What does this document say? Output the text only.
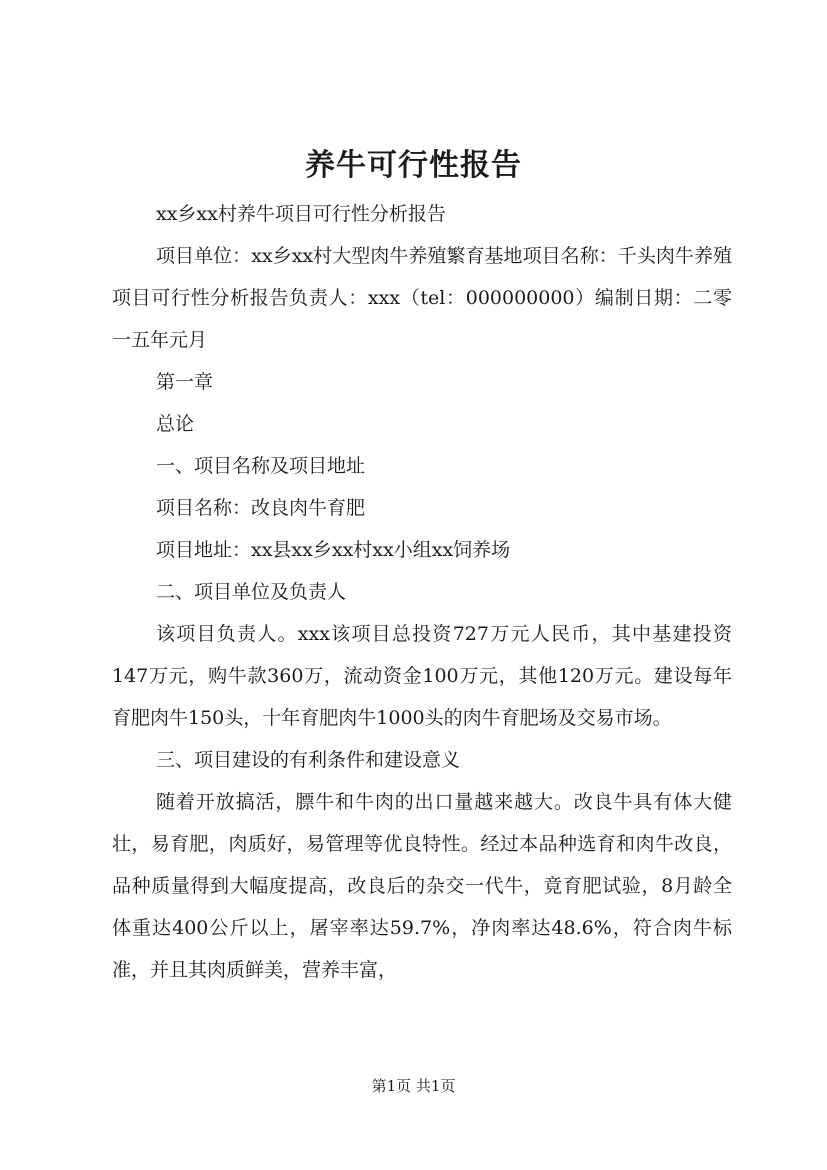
养牛可行性报告

xx乡xx村养牛项目可行性分析报告

项目单位：xx乡xx村大型肉牛养殖繁育基地项目名称：千头肉牛养殖项目可行性分析报告负责人：xxx（tel：000000000）编制日期：二零一五年元月

第一章

总论

一、项目名称及项目地址

项目名称：改良肉牛育肥

项目地址：xx县xx乡xx村xx小组xx饲养场

二、项目单位及负责人

该项目负责人。xxx该项目总投资727万元人民币，其中基建投资147万元，购牛款360万，流动资金100万元，其他120万元。建设每年育肥肉牛150头，十年育肥肉牛1000头的肉牛育肥场及交易市场。

三、项目建设的有利条件和建设意义

随着开放搞活，膘牛和牛肉的出口量越来越大。改良牛具有体大健壮，易育肥，肉质好，易管理等优良特性。经过本品种选育和肉牛改良，品种质量得到大幅度提高，改良后的杂交一代牛，竟育肥试验，8月龄全体重达400公斤以上，屠宰率达59.7%，净肉率达48.6%，符合肉牛标准，并且其肉质鲜美，营养丰富，

第1页 共1页
